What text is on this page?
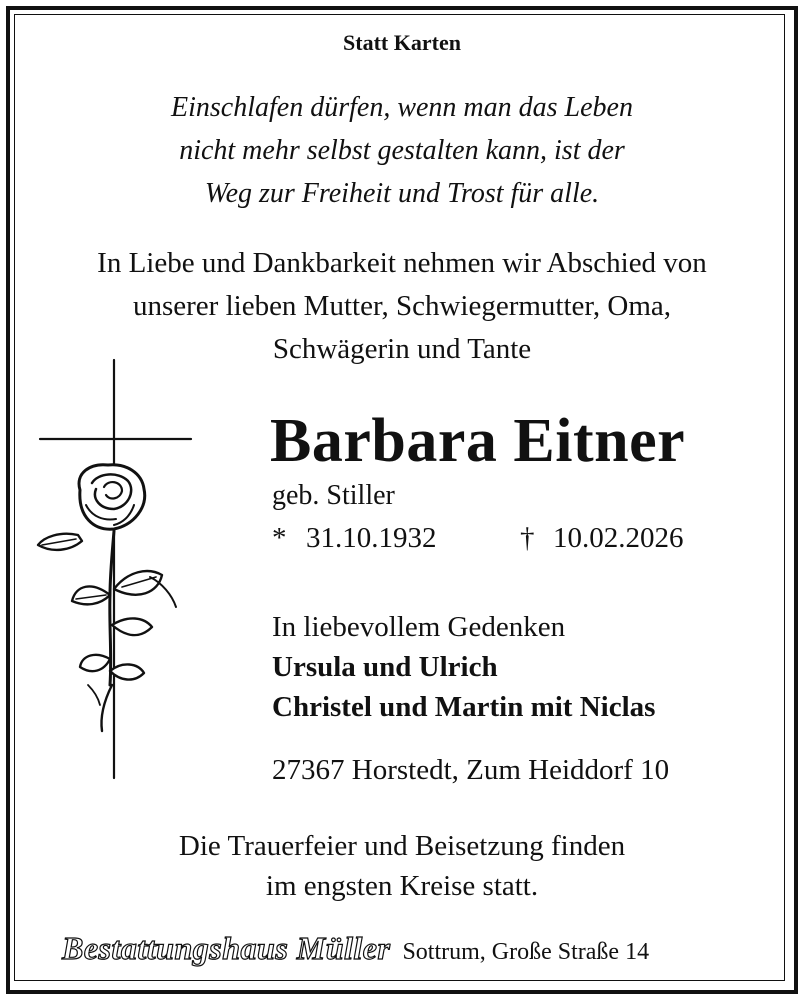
Statt Karten
Einschlafen dürfen, wenn man das Leben
nicht mehr selbst gestalten kann, ist der
Weg zur Freiheit und Trost für alle.
In Liebe und Dankbarkeit nehmen wir Abschied von
unserer lieben Mutter, Schwiegermutter, Oma,
Schwägerin und Tante
Barbara Eitner
geb. Stiller
* 31.10.1932	† 10.02.2026
In liebevollem Gedenken
Ursula und Ulrich
Christel und Martin mit Niclas
27367 Horstedt, Zum Heiddorf 10
Die Trauerfeier und Beisetzung finden
im engsten Kreise statt.
Bestattungshaus Müller Sottrum, Große Straße 14
